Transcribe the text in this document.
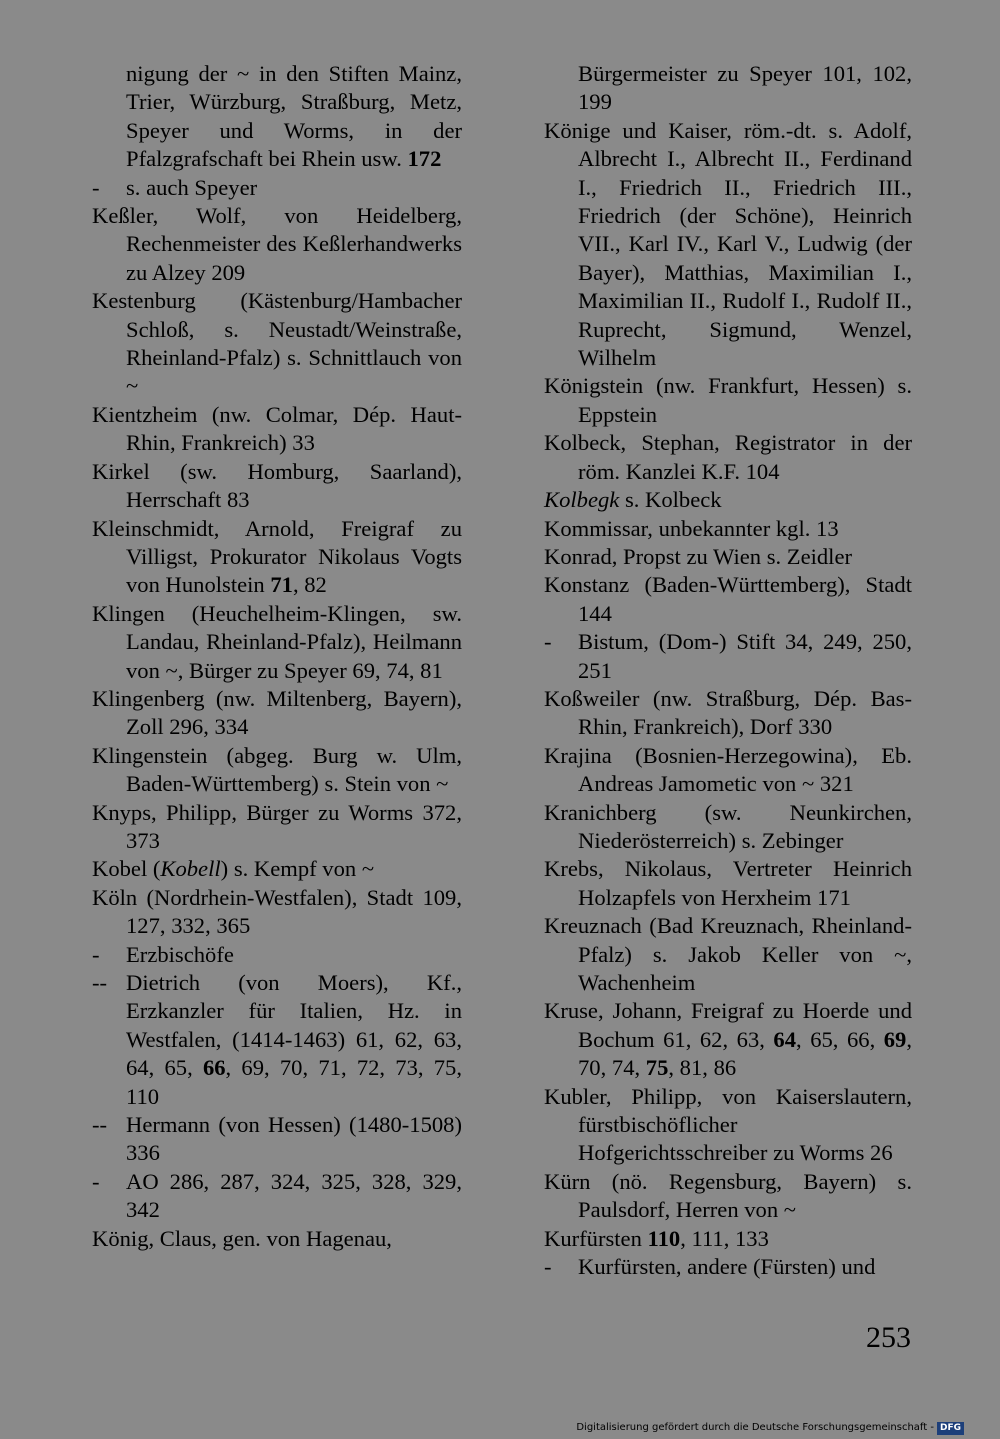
nigung der ~ in den Stiften Mainz, Trier, Würzburg, Straßburg, Metz, Speyer und Worms, in der Pfalzgrafschaft bei Rhein usw. 172

-	s. auch Speyer

Keßler, Wolf, von Heidelberg, Rechenmeister des Keßlerhandwerks zu Alzey 209

Kestenburg (Kästenburg/Hambacher Schloß, s. Neustadt/Weinstraße, Rheinland-Pfalz) s. Schnittlauch von ~

Kientzheim (nw. Colmar, Dép. Haut-Rhin, Frankreich) 33

Kirkel (sw. Homburg, Saarland), Herrschaft 83

Kleinschmidt, Arnold, Freigraf zu Villigst, Prokurator Nikolaus Vogts von Hunolstein 71, 82

Klingen (Heuchelheim-Klingen, sw. Landau, Rheinland-Pfalz), Heilmann von ~, Bürger zu Speyer 69, 74, 81

Klingenberg (nw. Miltenberg, Bayern), Zoll 296, 334

Klingenstein (abgeg. Burg w. Ulm, Baden-Württemberg) s. Stein von ~

Knyps, Philipp, Bürger zu Worms 372, 373

Kobel (Kobell) s. Kempf von ~

Köln (Nordrhein-Westfalen), Stadt 109, 127, 332, 365

-	Erzbischöfe

-- Dietrich (von Moers), Kf., Erzkanzler für Italien, Hz. in Westfalen, (1414-1463) 61, 62, 63, 64, 65, 66, 69, 70, 71, 72, 73, 75, 110

-- Hermann (von Hessen) (1480-1508) 336

-	AO 286, 287, 324, 325, 328, 329, 342

König, Claus, gen. von Hagenau,

Bürgermeister zu Speyer 101, 102, 199

Könige und Kaiser, röm.-dt. s. Adolf, Albrecht I., Albrecht II., Ferdinand I., Friedrich II., Friedrich III., Friedrich (der Schöne), Heinrich VII., Karl IV., Karl V., Ludwig (der Bayer), Matthias, Maximilian I., Maximilian II., Rudolf I., Rudolf II., Ruprecht, Sigmund, Wenzel, Wilhelm

Königstein (nw. Frankfurt, Hessen) s. Eppstein

Kolbeck, Stephan, Registrator in der röm. Kanzlei K.F. 104

Kolbegk s. Kolbeck

Kommissar, unbekannter kgl. 13

Konrad, Propst zu Wien s. Zeidler

Konstanz (Baden-Württemberg), Stadt 144

-	Bistum, (Dom-) Stift 34, 249, 250, 251

Koßweiler (nw. Straßburg, Dép. Bas-Rhin, Frankreich), Dorf 330

Krajina (Bosnien-Herzegowina), Eb. Andreas Jamometic von ~ 321

Kranichberg (sw. Neunkirchen, Niederösterreich) s. Zebinger

Krebs, Nikolaus, Vertreter Heinrich Holzapfels von Herxheim 171

Kreuznach (Bad Kreuznach, Rheinland-Pfalz) s. Jakob Keller von ~, Wachenheim

Kruse, Johann, Freigraf zu Hoerde und Bochum 61, 62, 63, 64, 65, 66, 69, 70, 74, 75, 81, 86

Kubler, Philipp, von Kaiserslautern, fürstbischöflicher Hofgerichtsschreiber zu Worms 26

Kürn (nö. Regensburg, Bayern) s. Paulsdorf, Herren von ~

Kurfürsten 110, 111, 133

-	Kurfürsten, andere (Fürsten) und

253
Digitalisierung gefördert durch die Deutsche Forschungsgemeinschaft - DFG
